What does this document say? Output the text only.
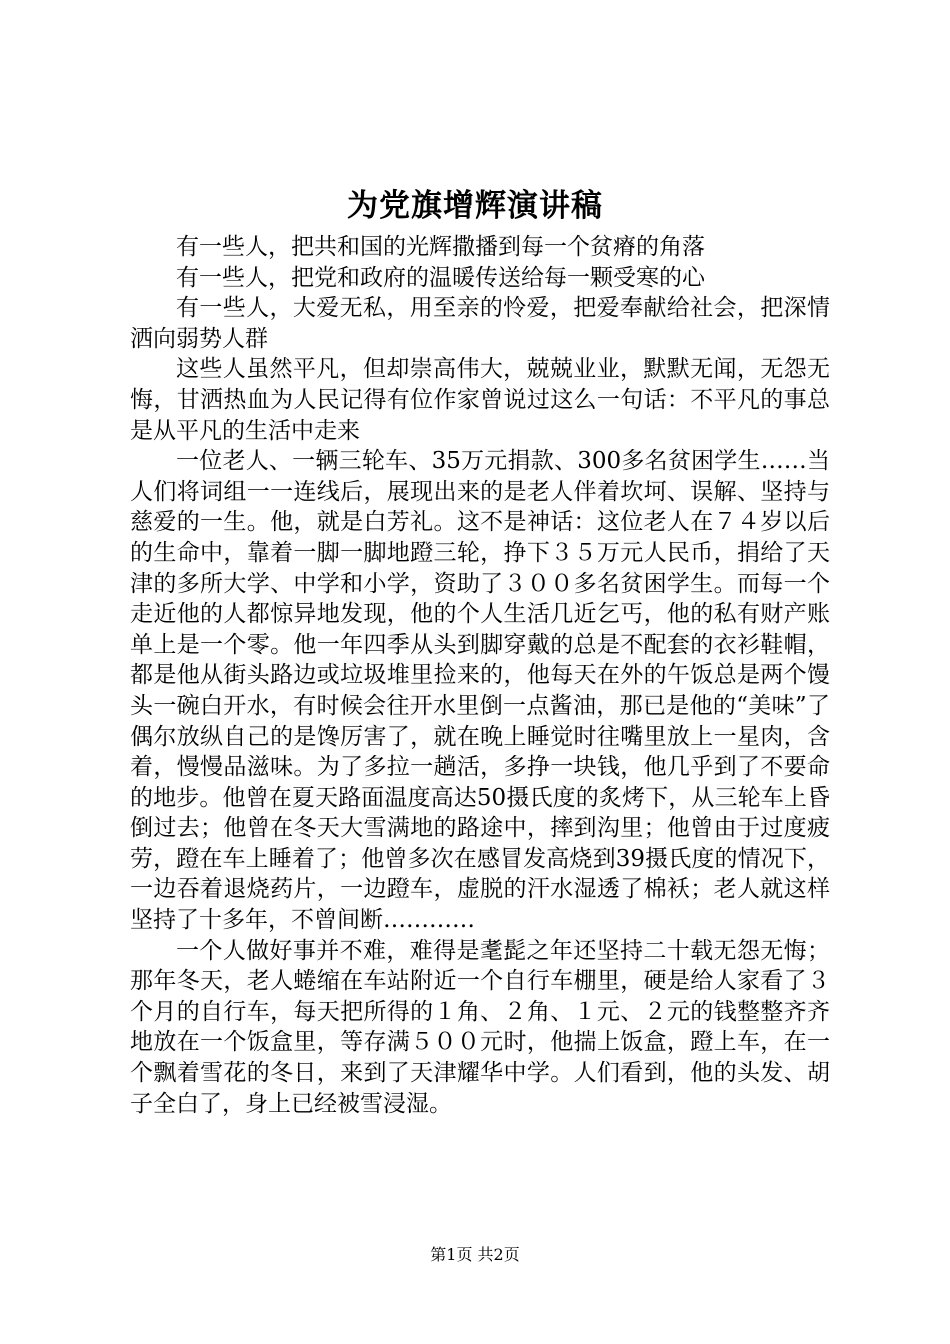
为党旗增辉演讲稿

有一些人，把共和国的光辉撒播到每一个贫瘠的角落

有一些人，把党和政府的温暖传送给每一颗受寒的心

有一些人，大爱无私，用至亲的怜爱，把爱奉献给社会，把深情洒向弱势人群

这些人虽然平凡，但却崇高伟大，兢兢业业，默默无闻，无怨无悔，甘洒热血为人民记得有位作家曾说过这么一句话：不平凡的事总是从平凡的生活中走来

一位老人、一辆三轮车、35万元捐款、300多名贫困学生……当人们将词组一一连线后，展现出来的是老人伴着坎坷、误解、坚持与慈爱的一生。他，就是白芳礼。这不是神话：这位老人在７４岁以后的生命中，靠着一脚一脚地蹬三轮，挣下３５万元人民币，捐给了天津的多所大学、中学和小学，资助了３００多名贫困学生。而每一个走近他的人都惊异地发现，他的个人生活几近乞丐，他的私有财产账单上是一个零。他一年四季从头到脚穿戴的总是不配套的衣衫鞋帽，都是他从街头路边或垃圾堆里捡来的，他每天在外的午饭总是两个馒头一碗白开水，有时候会往开水里倒一点酱油，那已是他的“美味”了偶尔放纵自己的是馋厉害了，就在晚上睡觉时往嘴里放上一星肉，含着，慢慢品滋味。为了多拉一趟活，多挣一块钱，他几乎到了不要命的地步。他曾在夏天路面温度高达50摄氏度的炙烤下，从三轮车上昏倒过去；他曾在冬天大雪满地的路途中，摔到沟里；他曾由于过度疲劳，蹬在车上睡着了；他曾多次在感冒发高烧到39摄氏度的情况下，一边吞着退烧药片，一边蹬车，虚脱的汗水湿透了棉袄；老人就这样坚持了十多年，不曾间断…………

一个人做好事并不难，难得是耄髭之年还坚持二十载无怨无悔；那年冬天，老人蜷缩在车站附近一个自行车棚里，硬是给人家看了３个月的自行车，每天把所得的１角、２角、１元、２元的钱整整齐齐地放在一个饭盒里，等存满５００元时，他揣上饭盒，蹬上车，在一个飘着雪花的冬日，来到了天津耀华中学。人们看到，他的头发、胡子全白了，身上已经被雪浸湿。

第1页 共2页
